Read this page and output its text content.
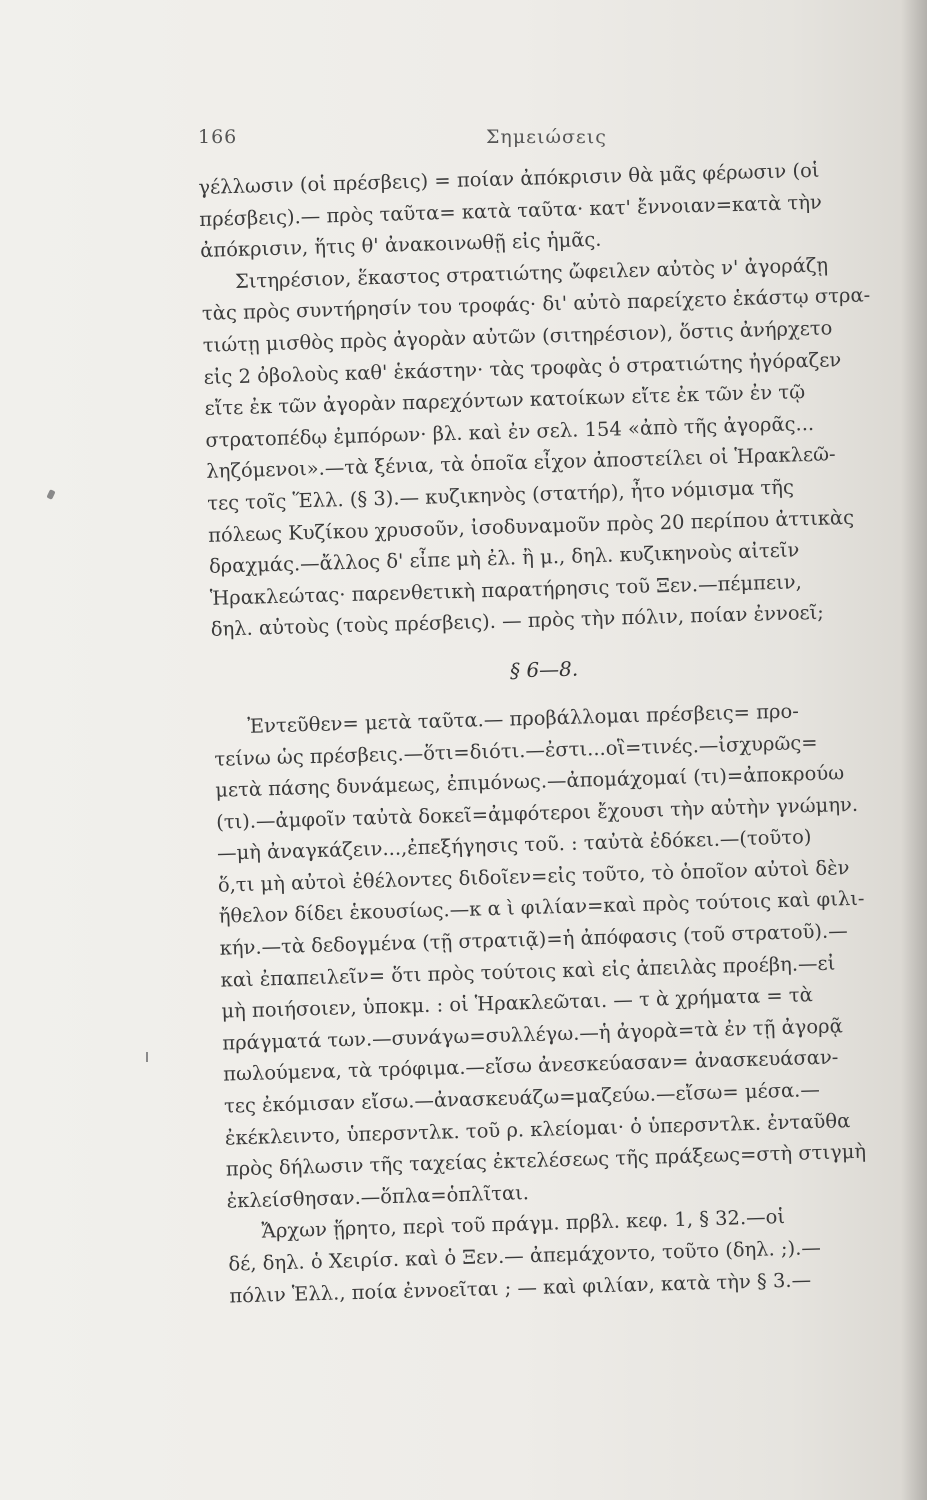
166	Σημειώσεις
γέλλωσιν (οἱ πρέσβεις) = ποίαν ἀπόκρισιν θὰ μᾶς φέρωσιν (οἱ
πρέσβεις).— πρὸς ταῦτα= κατὰ ταῦτα· κατ' ἔννοιαν=κατὰ τὴν
ἀπόκρισιν, ἥτις θ' ἀνακοινωθῇ εἰς ἡμᾶς.
Σιτηρέσιον, ἕκαστος στρατιώτης ὤφειλεν αὐτὸς ν' ἀγοράζῃ
τὰς πρὸς συντήρησίν του τροφάς· δι' αὐτὸ παρείχετο ἑκάστῳ στρα-
τιώτῃ μισθὸς πρὸς ἀγορὰν αὐτῶν (σιτηρέσιον), ὅστις ἀνήρχετο
εἰς 2 ὀβολοὺς καθ' ἑκάστην· τὰς τροφὰς ὁ στρατιώτης ἠγόραζεν
εἴτε ἐκ τῶν ἀγορὰν παρεχόντων κατοίκων εἴτε ἐκ τῶν ἐν τῷ
στρατοπέδῳ ἐμπόρων· βλ. καὶ ἐν σελ. 154 «ἀπὸ τῆς ἀγορᾶς...
ληζόμενοι».—τὰ ξένια, τὰ ὁποῖα εἶχον ἀποστείλει οἱ Ἡρακλεῶ-
τες τοῖς Ἕλλ. (§ 3).— κυζικηνὸς (στατήρ), ἦτο νόμισμα τῆς
πόλεως Κυζίκου χρυσοῦν, ἰσοδυναμοῦν πρὸς 20 περίπου ἀττικὰς
δραχμάς.—ἄλλος δ' εἶπε μὴ ἐλ. ἢ μ., δηλ. κυζικηνοὺς αἰτεῖν
Ἡρακλεώτας· παρενθετικὴ παρατήρησις τοῦ Ξεν.—πέμπειν,
δηλ. αὐτοὺς (τοὺς πρέσβεις). — πρὸς τὴν πόλιν, ποίαν ἐννοεῖ;
§ 6—8.
Ἐντεῦθεν= μετὰ ταῦτα.— προβάλλομαι πρέσβεις= προ-
τείνω ὡς πρέσβεις.—ὅτι=διότι.—ἐστι...οἳ=τινές.—ἰσχυρῶς=
μετὰ πάσης δυνάμεως, ἐπιμόνως.—ἀπομάχομαί (τι)=ἀποκρούω
(τι).—ἀμφοῖν ταὐτὰ δοκεῖ=ἀμφότεροι ἔχουσι τὴν αὐτὴν γνώμην.
—μὴ ἀναγκάζειν...,ἐπεξήγησις τοῦ. : ταὐτὰ ἐδόκει.—(τοῦτο)
ὅ,τι μὴ αὐτοὶ ἐθέλοντες διδοῖεν=εἰς τοῦτο, τὸ ὁποῖον αὐτοὶ δὲν
ἤθελον δίδει ἑκουσίως.—κ α ὶ φιλίαν=καὶ πρὸς τούτοις καὶ φιλι-
κήν.—τὰ δεδογμένα (τῇ στρατιᾷ)=ἡ ἀπόφασις (τοῦ στρατοῦ).—
καὶ ἐπαπειλεῖν= ὅτι πρὸς τούτοις καὶ εἰς ἀπειλὰς προέβη.—εἰ
μὴ ποιήσοιεν, ὑποκμ. : οἱ Ἡρακλεῶται. — τ ὰ χρήματα = τὰ
πράγματά των.—συνάγω=συλλέγω.—ἡ ἀγορὰ=τὰ ἐν τῇ ἀγορᾷ
πωλούμενα, τὰ τρόφιμα.—εἴσω ἀνεσκεύασαν= ἀνασκευάσαν-
τες ἐκόμισαν εἴσω.—ἀνασκευάζω=μαζεύω.—εἴσω= μέσα.—
ἐκέκλειντο, ὑπερσντλκ. τοῦ ρ. κλείομαι· ὁ ὑπερσντλκ. ἐνταῦθα
πρὸς δήλωσιν τῆς ταχείας ἐκτελέσεως τῆς πράξεως=στὴ στιγμὴ
ἐκλείσθησαν.—ὅπλα=ὁπλῖται.
Ἄρχων ᾕρητο, περὶ τοῦ πράγμ. πρβλ. κεφ. 1, § 32.—οἱ
δέ, δηλ. ὁ Χειρίσ. καὶ ὁ Ξεν.— ἀπεμάχοντο, τοῦτο (δηλ. ;).—
πόλιν Ἑλλ., ποία ἐννοεῖται ; — καὶ φιλίαν, κατὰ τὴν § 3.—
